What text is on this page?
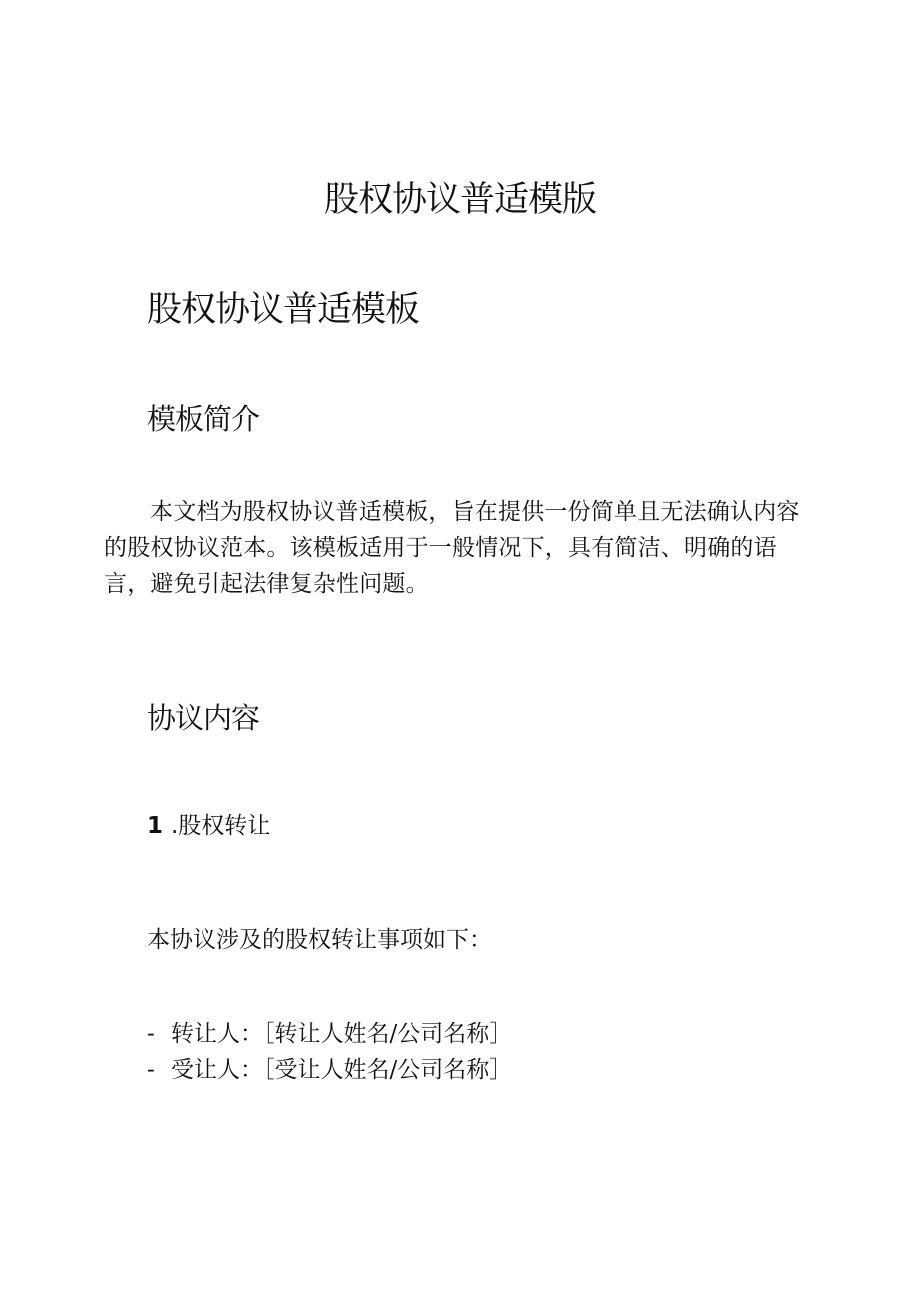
股权协议普适模版
股权协议普适模板
模板简介
本文档为股权协议普适模板，旨在提供一份简单且无法确认内容的股权协议范本。该模板适用于一般情况下，具有简洁、明确的语言，避免引起法律复杂性问题。
协议内容
1 .股权转让
本协议涉及的股权转让事项如下：
- 转让人：［转让人姓名/公司名称］
- 受让人：［受让人姓名/公司名称］
